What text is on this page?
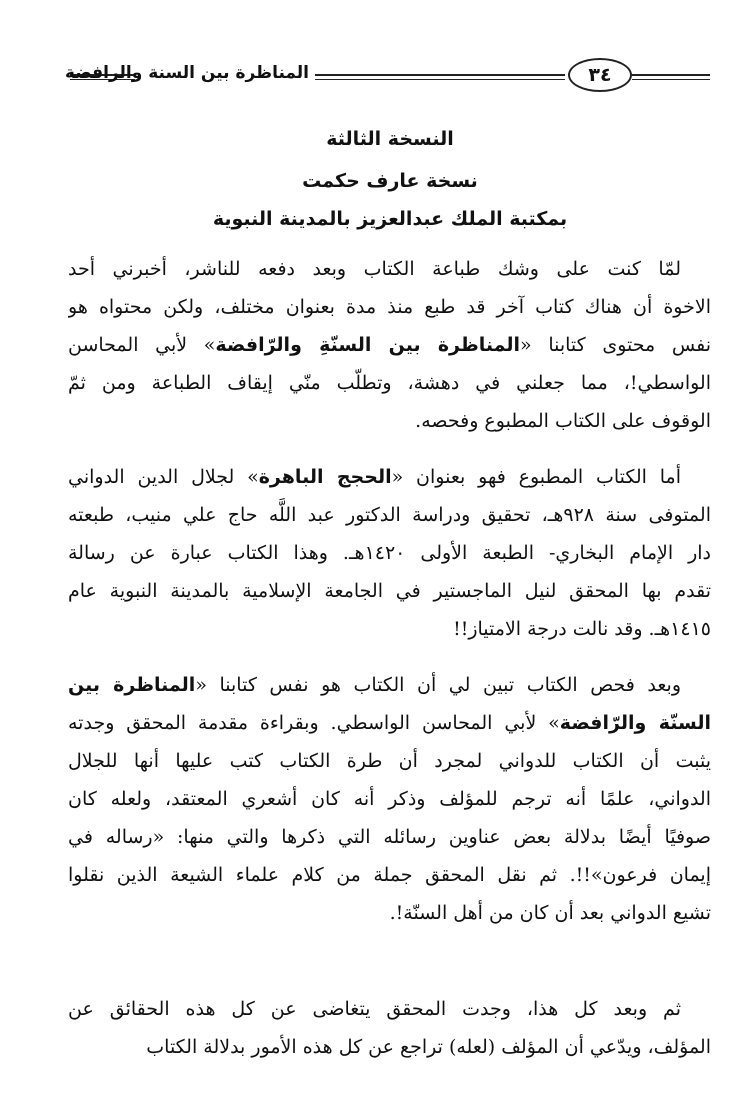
المناظرة بين السنة والرافضة	٣٤
النسخة الثالثة
نسخة عارف حكمت
بمكتبة الملك عبدالعزيز بالمدينة النبوية
لمّا كنت على وشك طباعة الكتاب وبعد دفعه للناشر، أخبرني أحد
الاخوة أن هناك كتاب آخر قد طبع منذ مدة بعنوان مختلف، ولكن محتواه هو
نفس محتوى كتابنا «المناظرة بين السنّةِ والرّافضة» لأبي المحاسن
الواسطي!، مما جعلني في دهشة، وتطلّب منّي إيقاف الطباعة ومن ثمّ
الوقوف على الكتاب المطبوع وفحصه.
أما الكتاب المطبوع فهو بعنوان «الحجج الباهرة» لجلال الدين الدواني
المتوفى سنة ٩٢٨هـ، تحقيق ودراسة الدكتور عبد اللَّه حاج علي منيب، طبعته
دار الإمام البخاري- الطبعة الأولى ١٤٢٠هـ. وهذا الكتاب عبارة عن رسالة
تقدم بها المحقق لنيل الماجستير في الجامعة الإسلامية بالمدينة النبوية عام
١٤١٥هـ. وقد نالت درجة الامتياز!!
وبعد فحص الكتاب تبين لي أن الكتاب هو نفس كتابنا «المناظرة بين
السنّة والرّافضة» لأبي المحاسن الواسطي. وبقراءة مقدمة المحقق وجدته
يثبت أن الكتاب للدواني لمجرد أن طرة الكتاب كتب عليها أنها للجلال
الدواني، علمًا أنه ترجم للمؤلف وذكر أنه كان أشعري المعتقد، ولعله كان
صوفيًا أيضًا بدلالة بعض عناوين رسائله التي ذكرها والتي منها: «رساله في
إيمان فرعون»!!. ثم نقل المحقق جملة من كلام علماء الشيعة الذين نقلوا
تشيع الدواني بعد أن كان من أهل السنّة!.
ثم وبعد كل هذا، وجدت المحقق يتغاضى عن كل هذه الحقائق عن
المؤلف، ويدّعي أن المؤلف (لعله) تراجع عن كل هذه الأمور بدلالة الكتاب
